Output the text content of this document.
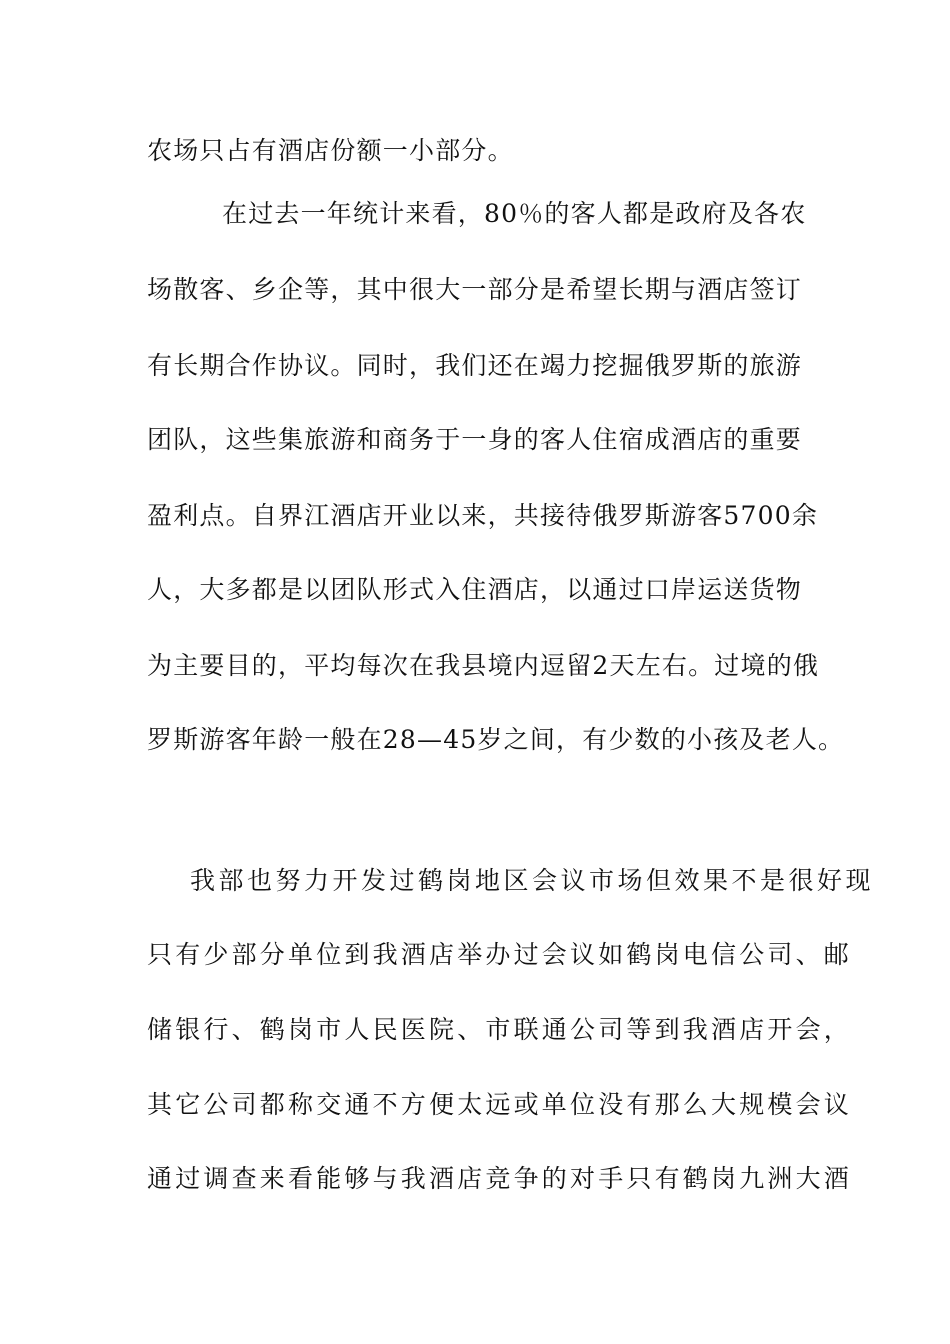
农场只占有酒店份额一小部分。
在过去一年统计来看，80％的客人都是政府及各农
场散客、乡企等，其中很大一部分是希望长期与酒店签订
有长期合作协议。同时，我们还在竭力挖掘俄罗斯的旅游
团队，这些集旅游和商务于一身的客人住宿成酒店的重要
盈利点。自界江酒店开业以来，共接待俄罗斯游客5700余
人，大多都是以团队形式入住酒店，以通过口岸运送货物
为主要目的，平均每次在我县境内逗留2天左右。过境的俄
罗斯游客年龄一般在28—45岁之间，有少数的小孩及老人。
我部也努力开发过鹤岗地区会议市场但效果不是很好现
只有少部分单位到我酒店举办过会议如鹤岗电信公司、邮
储银行、鹤岗市人民医院、市联通公司等到我酒店开会，
其它公司都称交通不方便太远或单位没有那么大规模会议
通过调查来看能够与我酒店竞争的对手只有鹤岗九洲大酒
